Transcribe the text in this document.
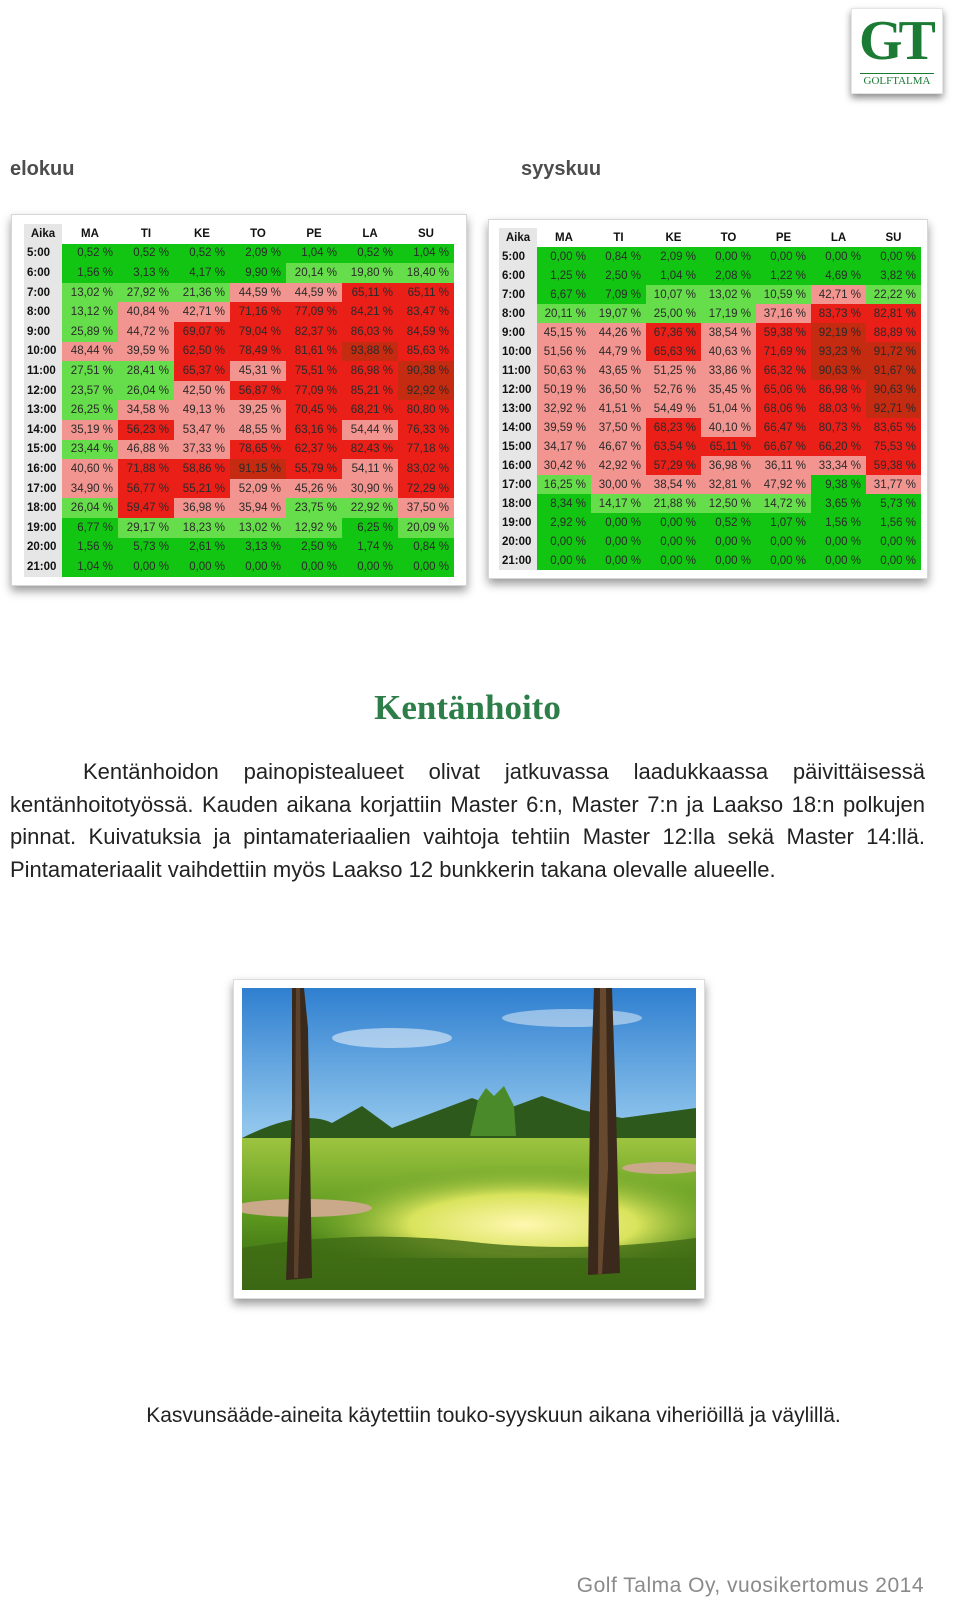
GT
GOLFTALMA
elokuu	syyskuu
Aika	MA	TI	KE	TO	PE	LA	SU
5:00	0,52 %	0,52 %	0,52 %	2,09 %	1,04 %	0,52 %	1,04 %
6:00	1,56 %	3,13 %	4,17 %	9,90 %	20,14 %	19,80 %	18,40 %
7:00	13,02 %	27,92 %	21,36 %	44,59 %	44,59 %	65,11 %	65,11 %
8:00	13,12 %	40,84 %	42,71 %	71,16 %	77,09 %	84,21 %	83,47 %
9:00	25,89 %	44,72 %	69,07 %	79,04 %	82,37 %	86,03 %	84,59 %
10:00	48,44 %	39,59 %	62,50 %	78,49 %	81,61 %	93,88 %	85,63 %
11:00	27,51 %	28,41 %	65,37 %	45,31 %	75,51 %	86,98 %	90,38 %
12:00	23,57 %	26,04 %	42,50 %	56,87 %	77,09 %	85,21 %	92,92 %
13:00	26,25 %	34,58 %	49,13 %	39,25 %	70,45 %	68,21 %	80,80 %
14:00	35,19 %	56,23 %	53,47 %	48,55 %	63,16 %	54,44 %	76,33 %
15:00	23,44 %	46,88 %	37,33 %	78,65 %	62,37 %	82,43 %	77,18 %
16:00	40,60 %	71,88 %	58,86 %	91,15 %	55,79 %	54,11 %	83,02 %
17:00	34,90 %	56,77 %	55,21 %	52,09 %	45,26 %	30,90 %	72,29 %
18:00	26,04 %	59,47 %	36,98 %	35,94 %	23,75 %	22,92 %	37,50 %
19:00	6,77 %	29,17 %	18,23 %	13,02 %	12,92 %	6,25 %	20,09 %
20:00	1,56 %	5,73 %	2,61 %	3,13 %	2,50 %	1,74 %	0,84 %
21:00	1,04 %	0,00 %	0,00 %	0,00 %	0,00 %	0,00 %	0,00 %
Aika	MA	TI	KE	TO	PE	LA	SU
5:00	0,00 %	0,84 %	2,09 %	0,00 %	0,00 %	0,00 %	0,00 %
6:00	1,25 %	2,50 %	1,04 %	2,08 %	1,22 %	4,69 %	3,82 %
7:00	6,67 %	7,09 %	10,07 %	13,02 %	10,59 %	42,71 %	22,22 %
8:00	20,11 %	19,07 %	25,00 %	17,19 %	37,16 %	83,73 %	82,81 %
9:00	45,15 %	44,26 %	67,36 %	38,54 %	59,38 %	92,19 %	88,89 %
10:00	51,56 %	44,79 %	65,63 %	40,63 %	71,69 %	93,23 %	91,72 %
11:00	50,63 %	43,65 %	51,25 %	33,86 %	66,32 %	90,63 %	91,67 %
12:00	50,19 %	36,50 %	52,76 %	35,45 %	65,06 %	86,98 %	90,63 %
13:00	32,92 %	41,51 %	54,49 %	51,04 %	68,06 %	88,03 %	92,71 %
14:00	39,59 %	37,50 %	68,23 %	40,10 %	66,47 %	80,73 %	83,65 %
15:00	34,17 %	46,67 %	63,54 %	65,11 %	66,67 %	66,20 %	75,53 %
16:00	30,42 %	42,92 %	57,29 %	36,98 %	36,11 %	33,34 %	59,38 %
17:00	16,25 %	30,00 %	38,54 %	32,81 %	47,92 %	9,38 %	31,77 %
18:00	8,34 %	14,17 %	21,88 %	12,50 %	14,72 %	3,65 %	5,73 %
19:00	2,92 %	0,00 %	0,00 %	0,52 %	1,07 %	1,56 %	1,56 %
20:00	0,00 %	0,00 %	0,00 %	0,00 %	0,00 %	0,00 %	0,00 %
21:00	0,00 %	0,00 %	0,00 %	0,00 %	0,00 %	0,00 %	0,00 %
Kentänhoito

Kentänhoidon painopistealueet olivat jatkuvassa laadukkaassa päivittäisessä kentänhoitotyössä. Kauden aikana korjattiin Master 6:n, Master 7:n ja Laakso 18:n polkujen pinnat. Kuivatuksia ja pintamateriaalien vaihtoja tehtiin Master 12:lla sekä Master 14:llä. Pintamateriaalit vaihdettiin myös Laakso 12 bunkkerin takana olevalle alueelle.

Kasvunsääde-aineita käytettiin touko-syyskuun aikana viheriöillä ja väylillä.
Golf Talma Oy, vuosikertomus 2014
